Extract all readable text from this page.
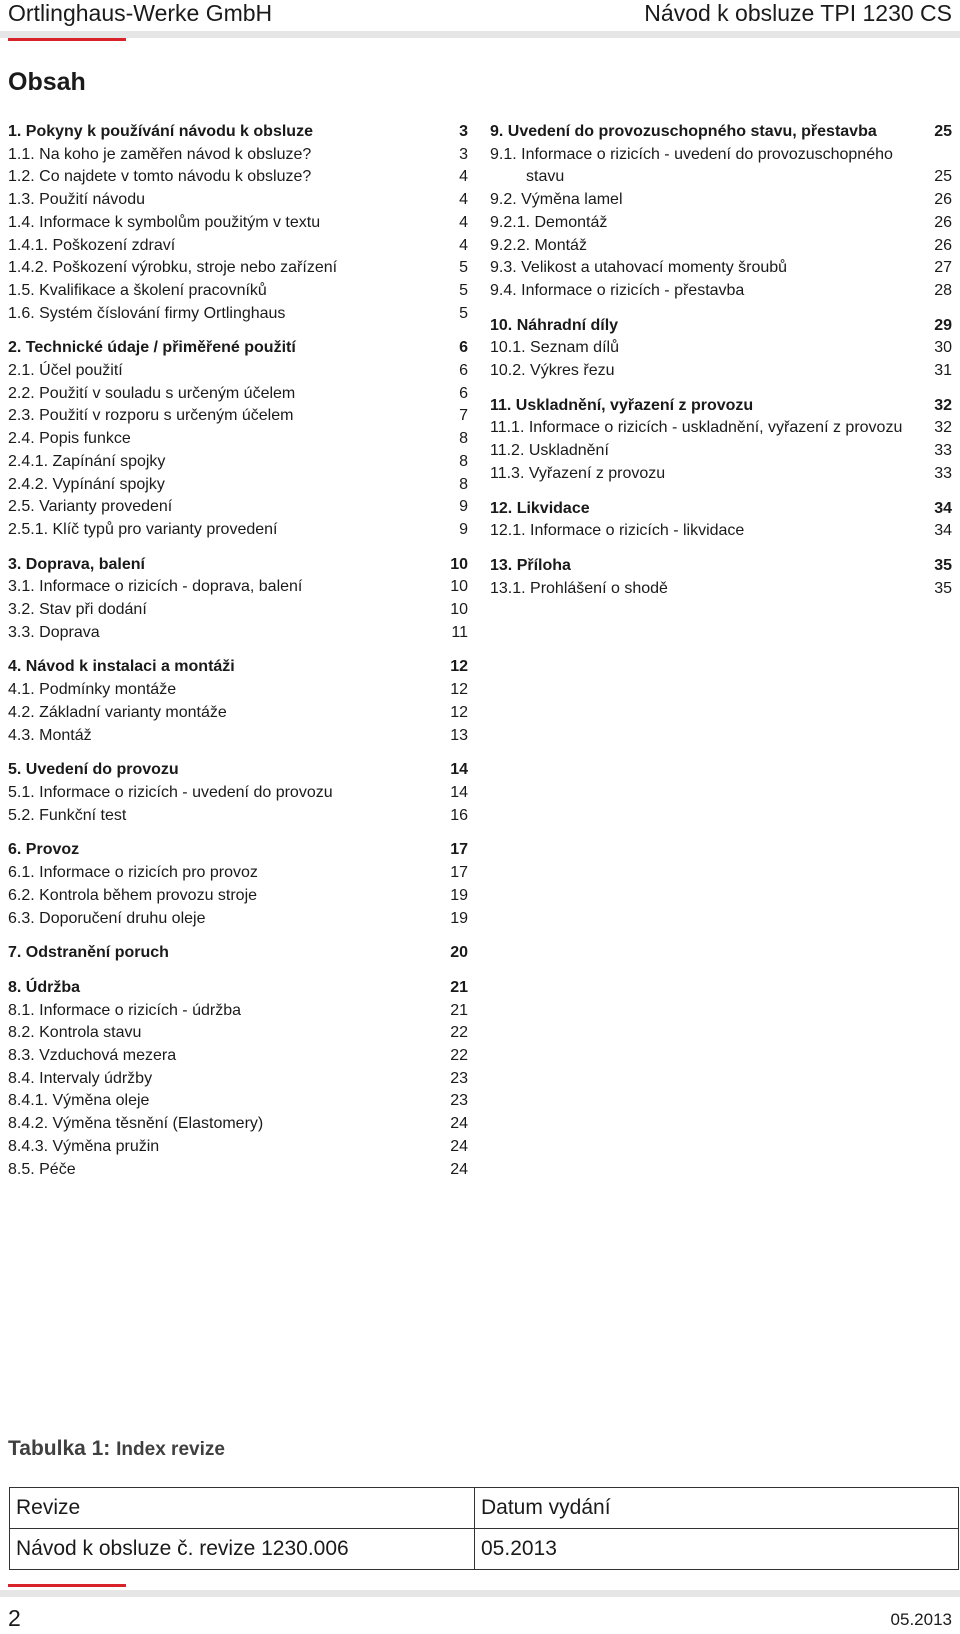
Ortlinghaus-Werke GmbH	Návod k obsluze TPI 1230 CS
Obsah
1. Pokyny k používání návodu k obsluze	3
1.1. Na koho je zaměřen návod k obsluze?	3
1.2. Co najdete v tomto návodu k obsluze?	4
1.3. Použití návodu	4
1.4. Informace k symbolům použitým v textu	4
1.4.1. Poškození zdraví	4
1.4.2. Poškození výrobku, stroje nebo zařízení	5
1.5. Kvalifikace a školení pracovníků	5
1.6. Systém číslování firmy Ortlinghaus	5
2. Technické údaje / přiměřené použití	6
2.1. Účel použití	6
2.2. Použití v souladu s určeným účelem	6
2.3. Použití v rozporu s určeným účelem	7
2.4. Popis funkce	8
2.4.1. Zapínání spojky	8
2.4.2. Vypínání spojky	8
2.5. Varianty provedení	9
2.5.1. Klíč typů pro varianty provedení	9
3. Doprava, balení	10
3.1. Informace o rizicích - doprava, balení	10
3.2. Stav při dodání	10
3.3. Doprava	11
4. Návod k instalaci a montáži	12
4.1. Podmínky montáže	12
4.2. Základní varianty montáže	12
4.3. Montáž	13
5. Uvedení do provozu	14
5.1. Informace o rizicích - uvedení do provozu	14
5.2. Funkční test	16
6. Provoz	17
6.1. Informace o rizicích pro provoz	17
6.2. Kontrola během provozu stroje	19
6.3. Doporučení druhu oleje	19
7. Odstranění poruch	20
8. Údržba	21
8.1. Informace o rizicích - údržba	21
8.2. Kontrola stavu	22
8.3. Vzduchová mezera	22
8.4. Intervaly údržby	23
8.4.1. Výměna oleje	23
8.4.2. Výměna těsnění (Elastomery)	24
8.4.3. Výměna pružin	24
8.5. Péče	24
9. Uvedení do provozuschopného stavu, přestavba	25
9.1. Informace o rizicích - uvedení do provozuschopného stavu	25
9.2. Výměna lamel	26
9.2.1. Demontáž	26
9.2.2. Montáž	26
9.3. Velikost a utahovací momenty šroubů	27
9.4. Informace o rizicích - přestavba	28
10. Náhradní díly	29
10.1. Seznam dílů	30
10.2. Výkres řezu	31
11. Uskladnění, vyřazení z provozu	32
11.1. Informace o rizicích - uskladnění, vyřazení z provozu	32
11.2. Uskladnění	33
11.3. Vyřazení z provozu	33
12. Likvidace	34
12.1. Informace o rizicích - likvidace	34
13. Příloha	35
13.1. Prohlášení o shodě	35
Tabulka 1: Index revize
Revize	Datum vydání
Návod k obsluze č. revize 1230.006	05.2013
2	05.2013
